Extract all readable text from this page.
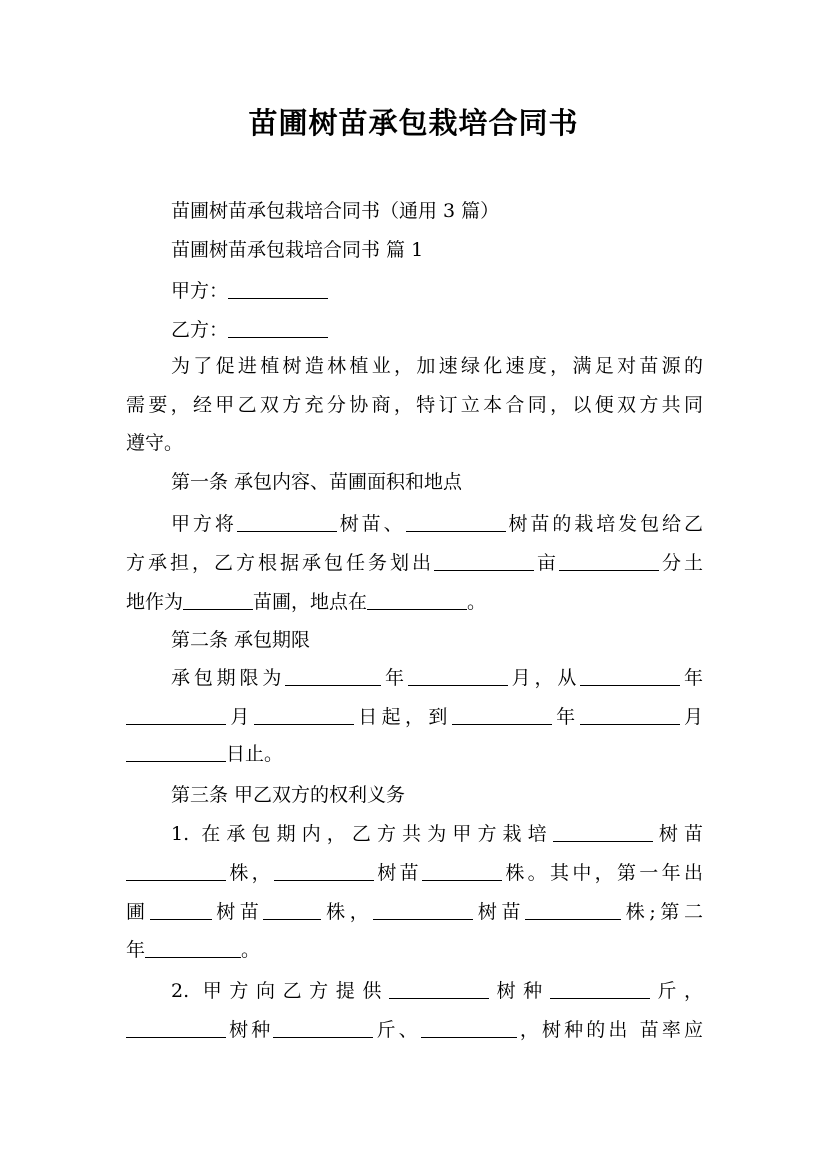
苗圃树苗承包栽培合同书
苗圃树苗承包栽培合同书（通用 3 篇）
苗圃树苗承包栽培合同书 篇 1
甲方：
乙方：
为了促进植树造林植业，加速绿化速度，满足对苗源的
需要，经甲乙双方充分协商，特订立本合同，以便双方共同
遵守。
第一条 承包内容、苗圃面积和地点
甲方将	树苗、	树苗的栽培发包给乙
方承担，乙方根据承包任务划出	亩	分土
地作为	苗圃，地点在	。
第二条 承包期限
承包期限为	年	月，从	年
月	日起，到	年	月
日止。
第三条 甲乙双方的权利义务
1. 在承包期内，乙方共为甲方栽培	树苗
株，	树苗	株。其中，第一年出
圃	树苗	株，	树苗	株;第二
年	。
2. 甲方向乙方提供	树种	斤，
树种	斤、	，树种的出 苗率应
